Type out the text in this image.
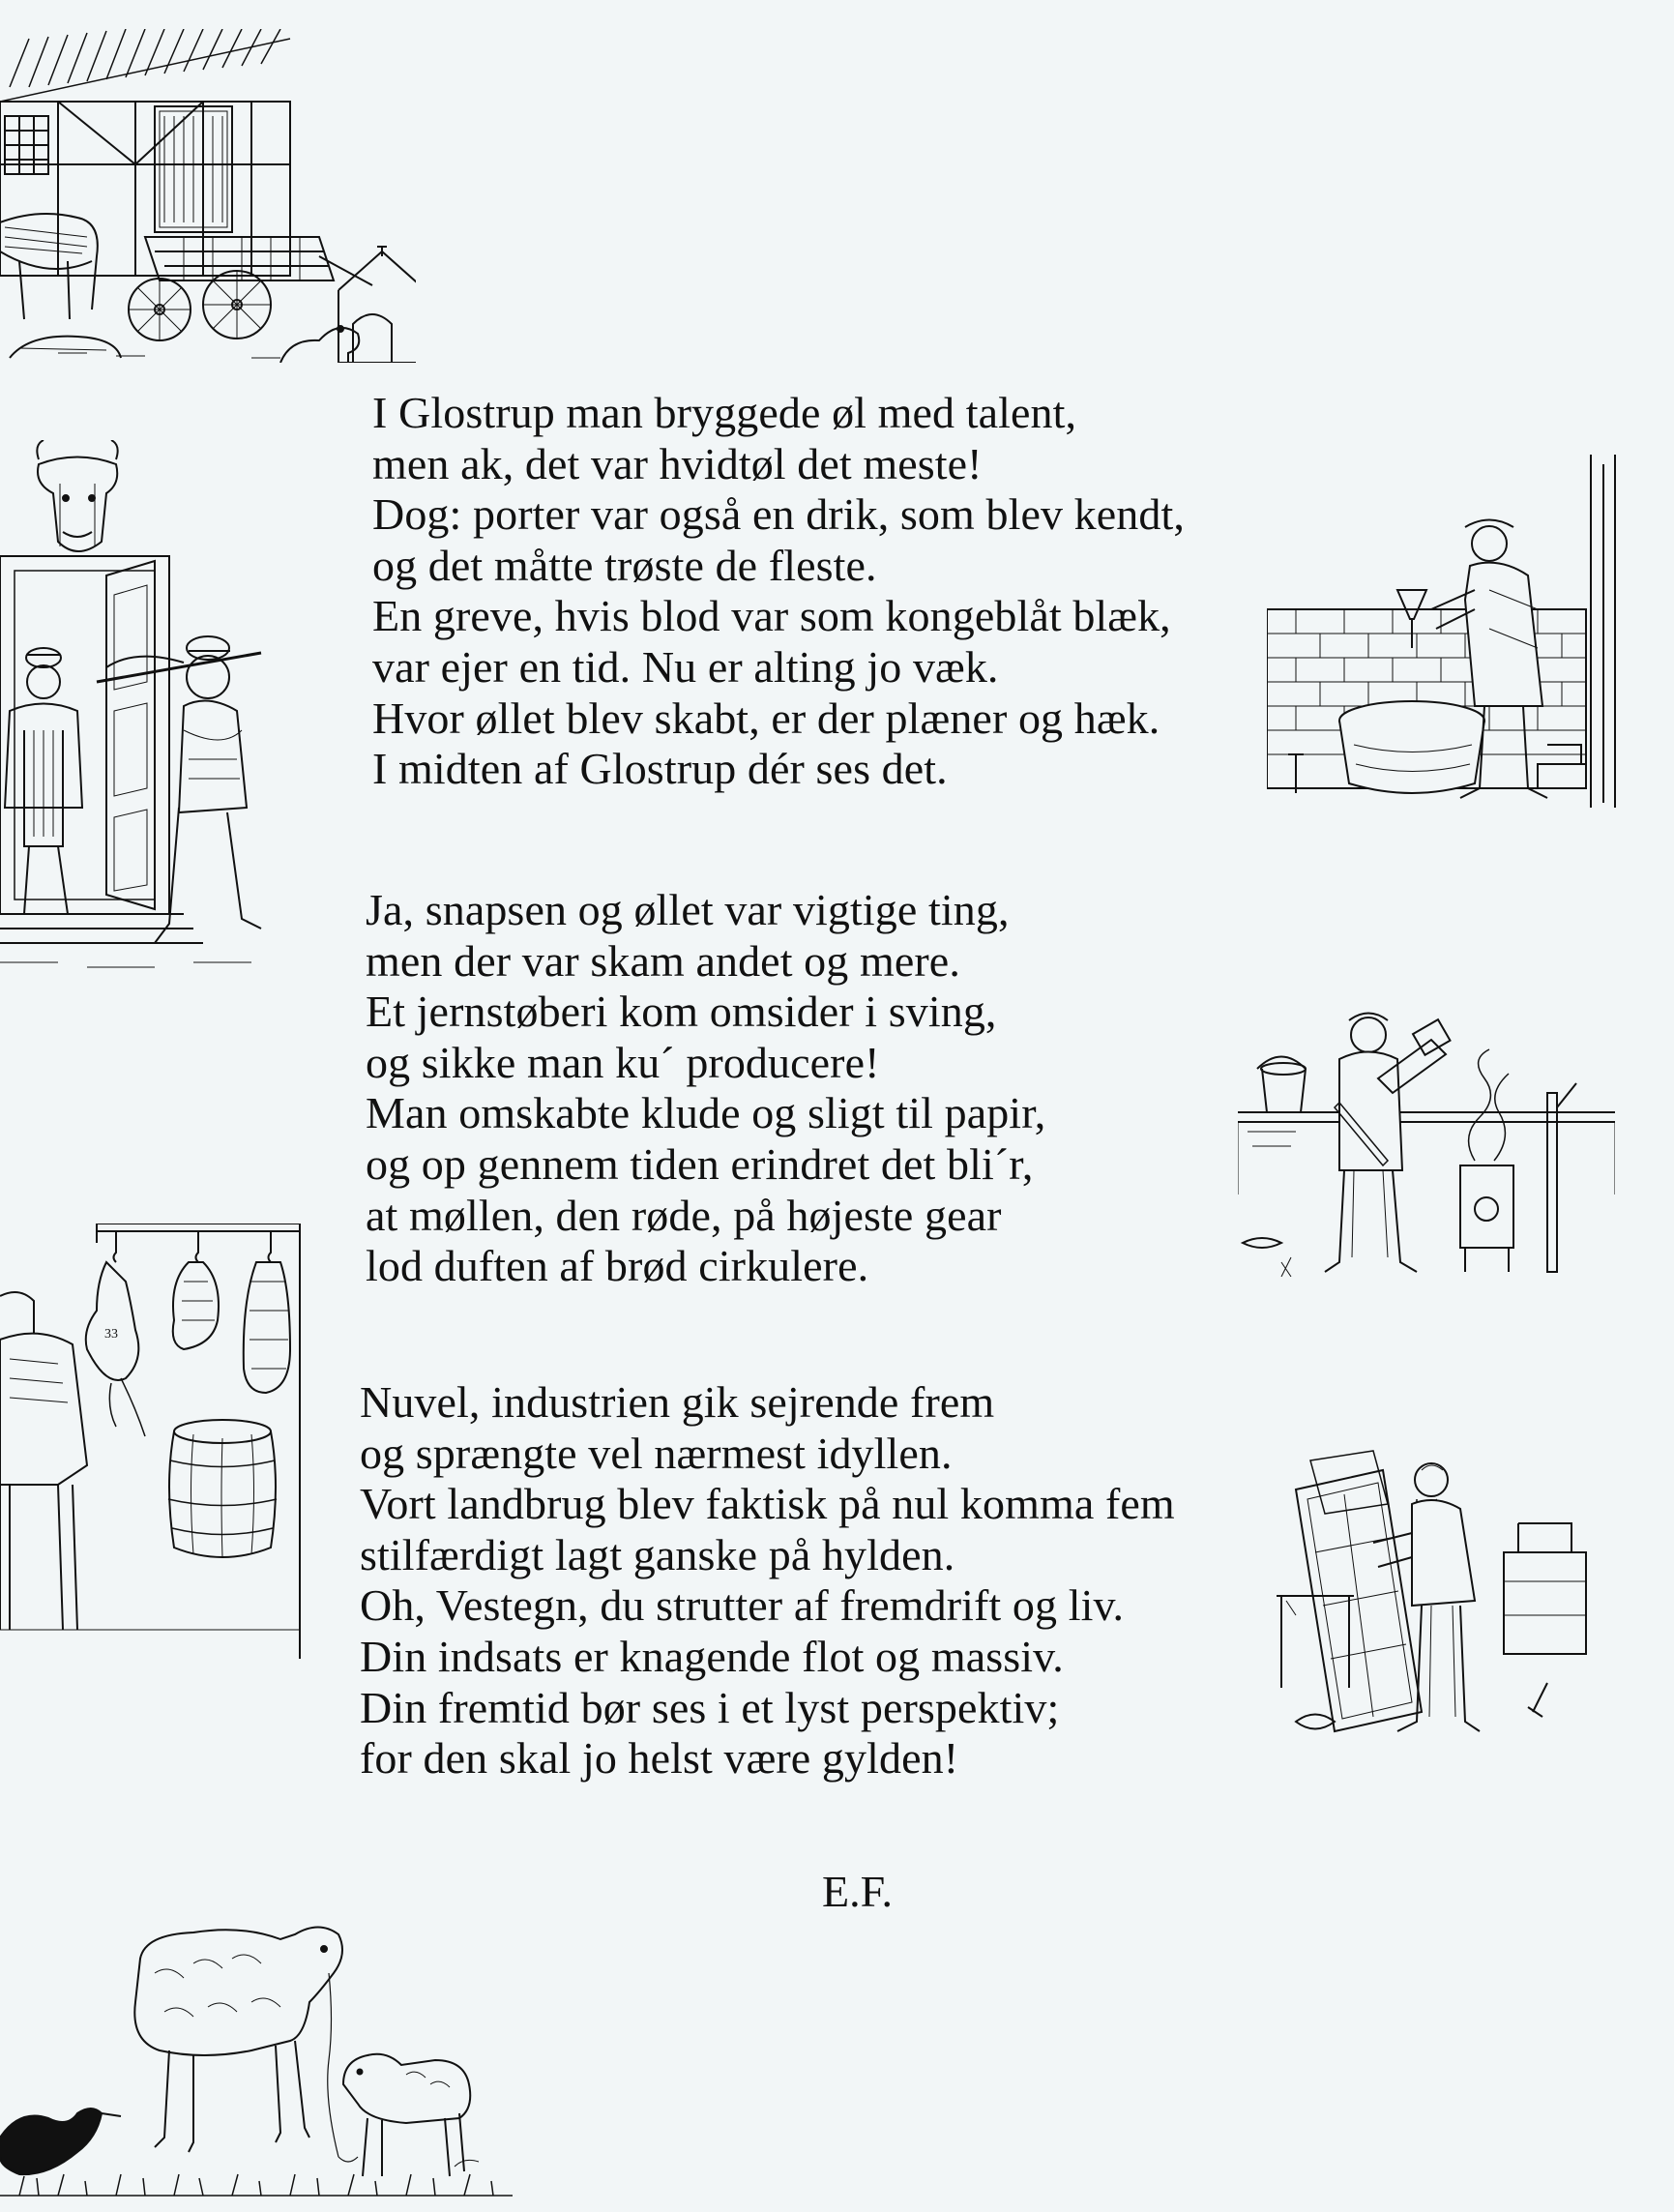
33
I Glostrup man bryggede øl med talent,
men ak, det var hvidtøl det meste!
Dog: porter var også en drik, som blev kendt,
og det måtte trøste de fleste.
En greve, hvis blod var som kongeblåt blæk,
var ejer en tid. Nu er alting jo væk.
Hvor øllet blev skabt, er der plæner og hæk.
I midten af Glostrup dér ses det.
Ja, snapsen og øllet var vigtige ting,
men der var skam andet og mere.
Et jernstøberi kom omsider i sving,
og sikke man ku´ producere!
Man omskabte klude og sligt til papir,
og op gennem tiden erindret det bli´r,
at møllen, den røde, på højeste gear
lod duften af brød cirkulere.
Nuvel, industrien gik sejrende frem
og sprængte vel nærmest idyllen.
Vort landbrug blev faktisk på nul komma fem
stilfærdigt lagt ganske på hylden.
Oh, Vestegn, du strutter af fremdrift og liv.
Din indsats er knagende flot og massiv.
Din fremtid bør ses i et lyst perspektiv;
for den skal jo helst være gylden!
E.F.
